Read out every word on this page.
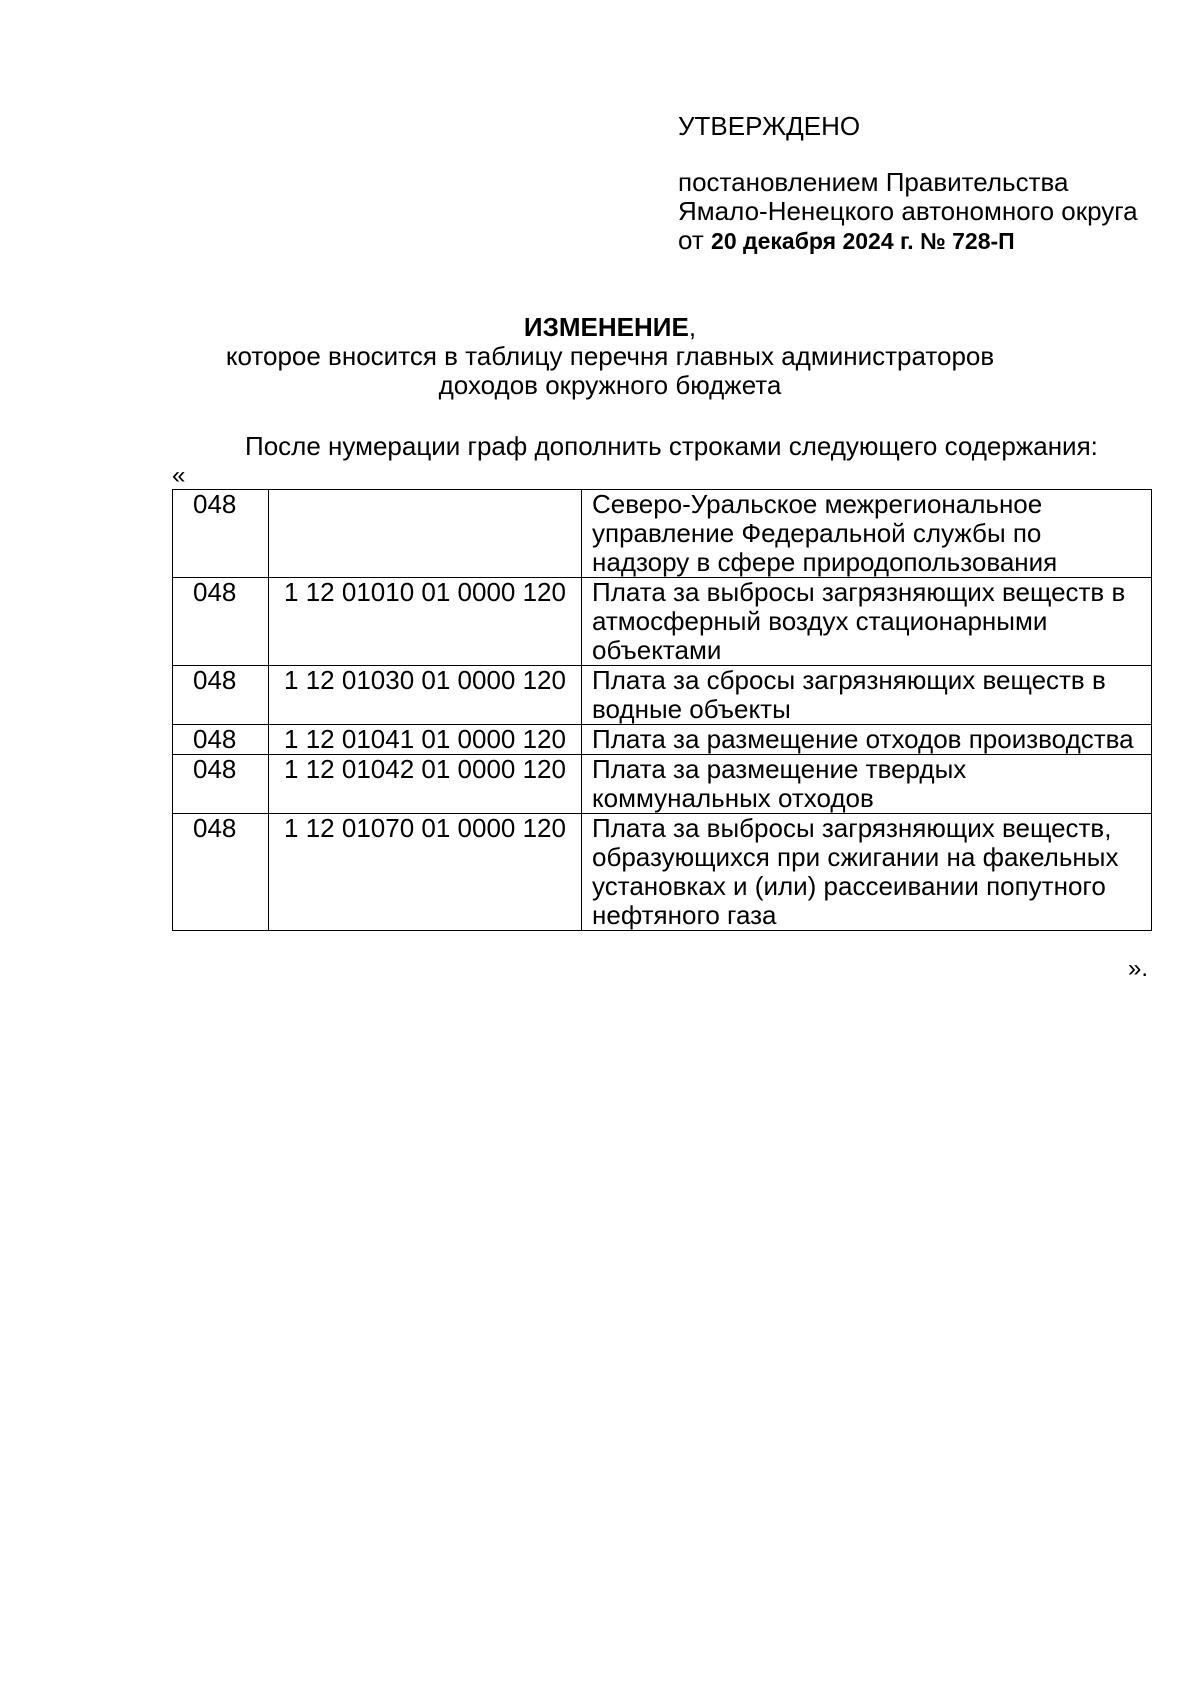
УТВЕРЖДЕНО
постановлением Правительства
Ямало-Ненецкого автономного округа
от 20 декабря 2024 г. № 728-П
ИЗМЕНЕНИЕ,
которое вносится в таблицу перечня главных администраторов
доходов окружного бюджета
После нумерации граф дополнить строками следующего содержания:
«
048		Северо-Уральское межрегиональное управление Федеральной службы по надзору в сфере природопользования
048	1 12 01010 01 0000 120	Плата за выбросы загрязняющих веществ в атмосферный воздух стационарными объектами
048	1 12 01030 01 0000 120	Плата за сбросы загрязняющих веществ в водные объекты
048	1 12 01041 01 0000 120	Плата за размещение отходов производства
048	1 12 01042 01 0000 120	Плата за размещение твердых коммунальных отходов
048	1 12 01070 01 0000 120	Плата за выбросы загрязняющих веществ, образующихся при сжигании на факельных установках и (или) рассеивании попутного нефтяного газа
».
